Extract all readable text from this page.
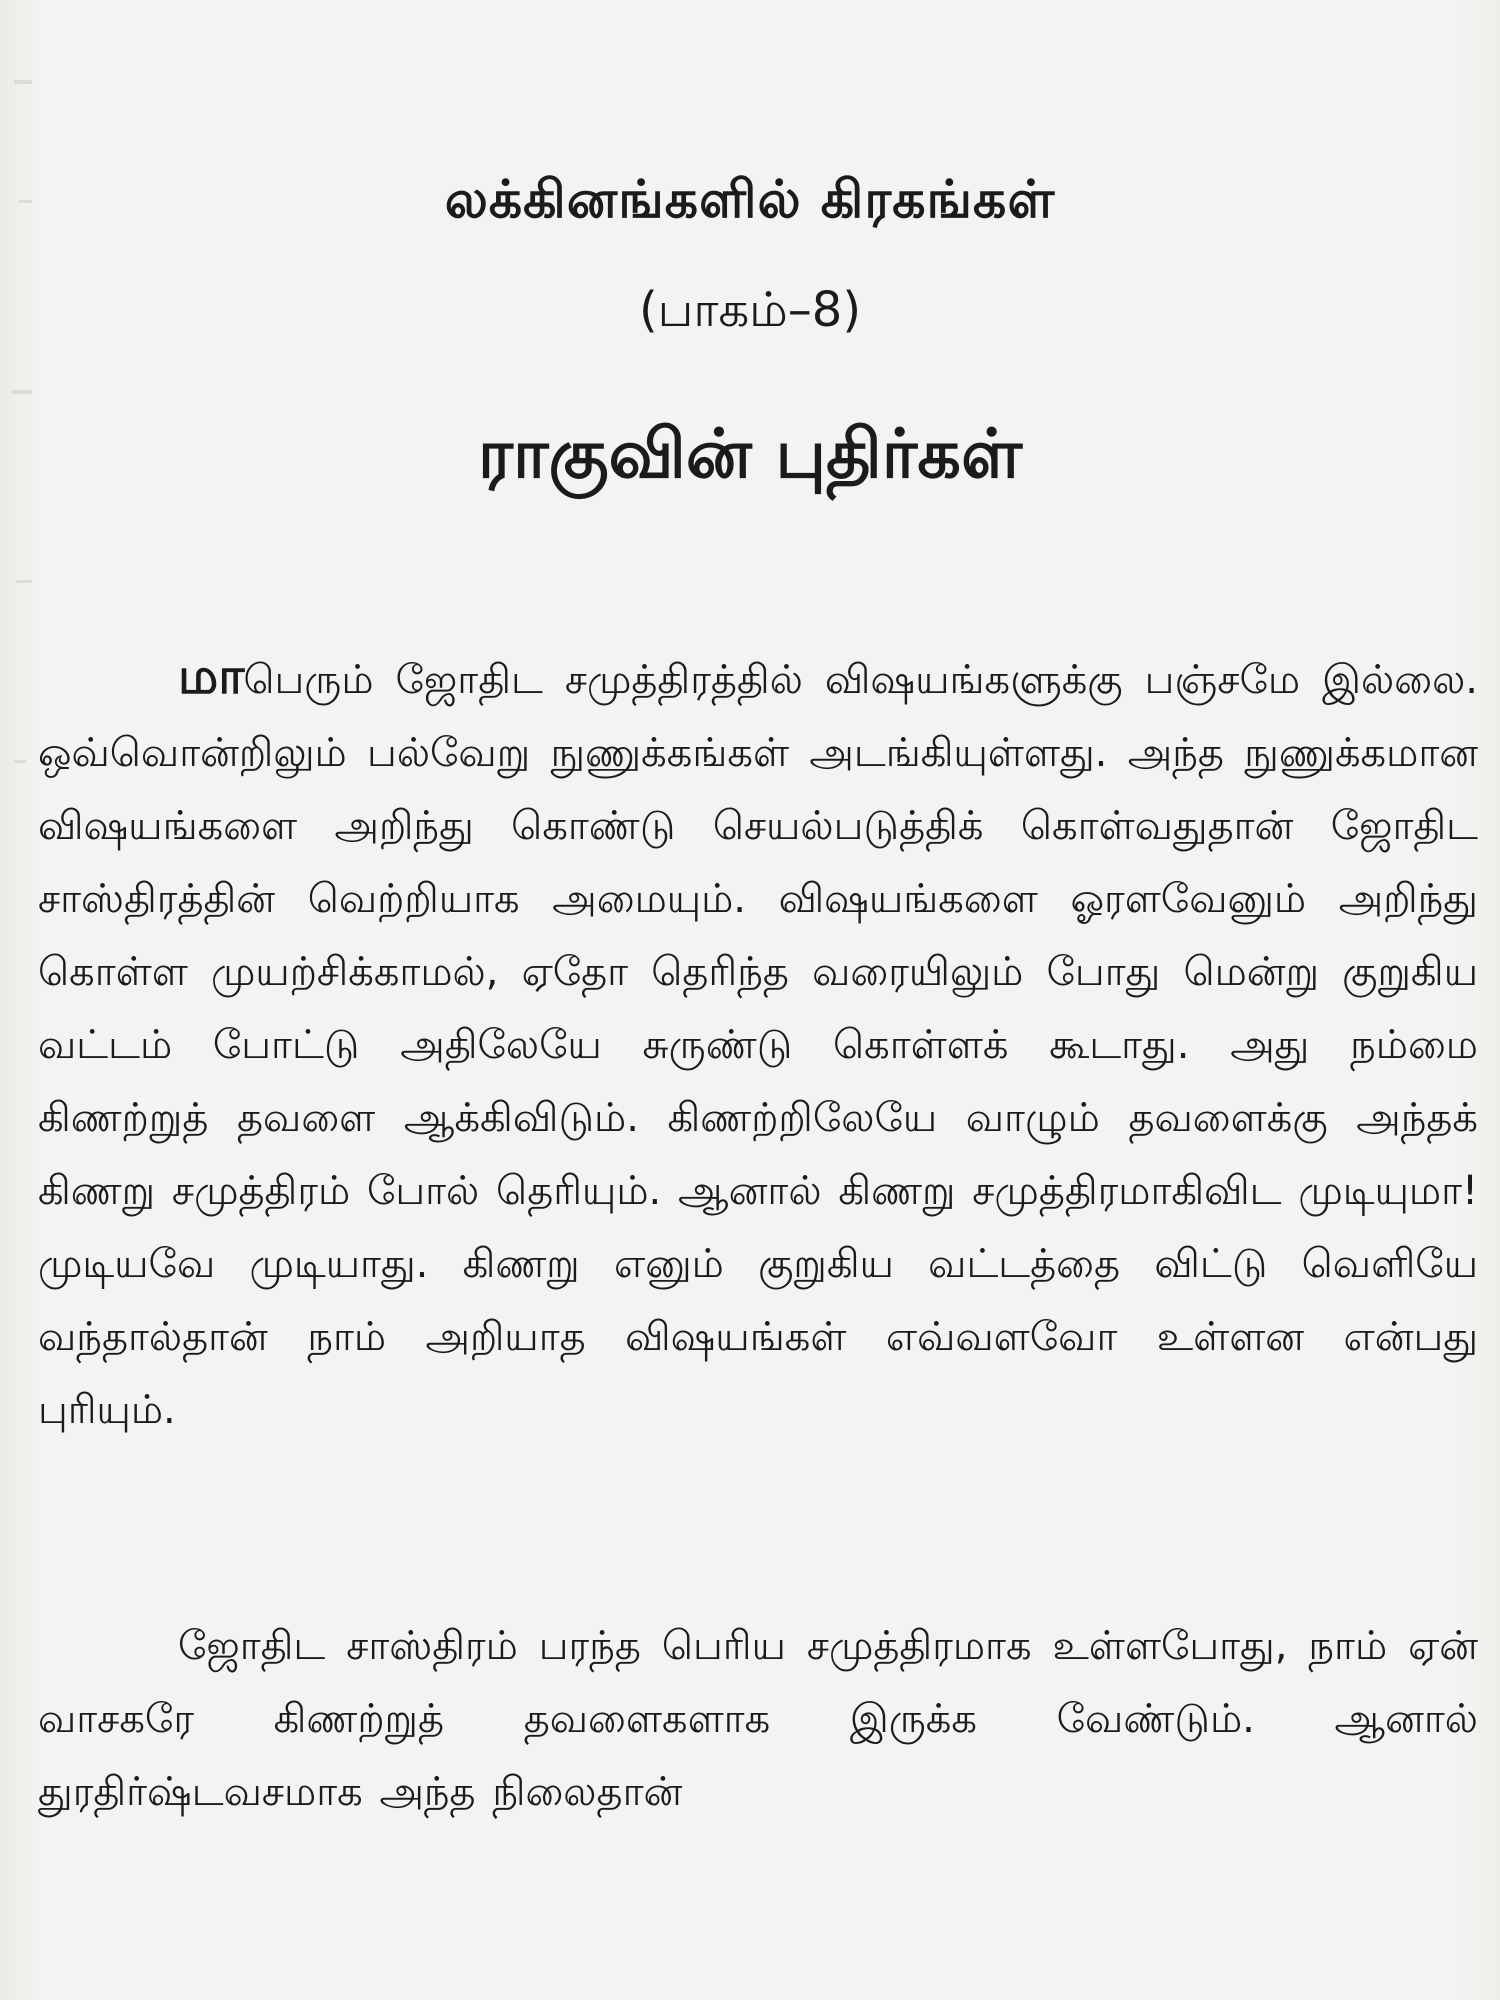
லக்கினங்களில் கிரகங்கள்
(பாகம்–8)
ராகுவின் புதிர்கள்
மாபெரும் ஜோதிட சமுத்திரத்தில் விஷயங்களுக்கு பஞ்சமே இல்லை. ஒவ்வொன்றிலும் பல்வேறு நுணுக்கங்கள் அடங்கியுள்ளது. அந்த நுணுக்கமான விஷயங்களை அறிந்து கொண்டு செயல்படுத்திக் கொள்வதுதான் ஜோதிட சாஸ்திரத்தின் வெற்றியாக அமையும். விஷயங்களை ஓரளவேனும் அறிந்து கொள்ள முயற்சிக்காமல், ஏதோ தெரிந்த வரையிலும் போது மென்று குறுகிய வட்டம் போட்டு அதிலேயே சுருண்டு கொள்ளக் கூடாது. அது நம்மை கிணற்றுத் தவளை ஆக்கிவிடும். கிணற்றிலேயே வாழும் தவளைக்கு அந்தக் கிணறு சமுத்திரம் போல் தெரியும். ஆனால் கிணறு சமுத்திரமாகிவிட முடியுமா! முடியவே முடியாது. கிணறு எனும் குறுகிய வட்டத்தை விட்டு வெளியே வந்தால்தான் நாம் அறியாத விஷயங்கள் எவ்வளவோ உள்ளன என்பது புரியும்.
ஜோதிட சாஸ்திரம் பரந்த பெரிய சமுத்திரமாக உள்ளபோது, நாம் ஏன் வாசகரே கிணற்றுத் தவளைகளாக இருக்க வேண்டும். ஆனால் துரதிர்ஷ்டவசமாக அந்த நிலைதான்
